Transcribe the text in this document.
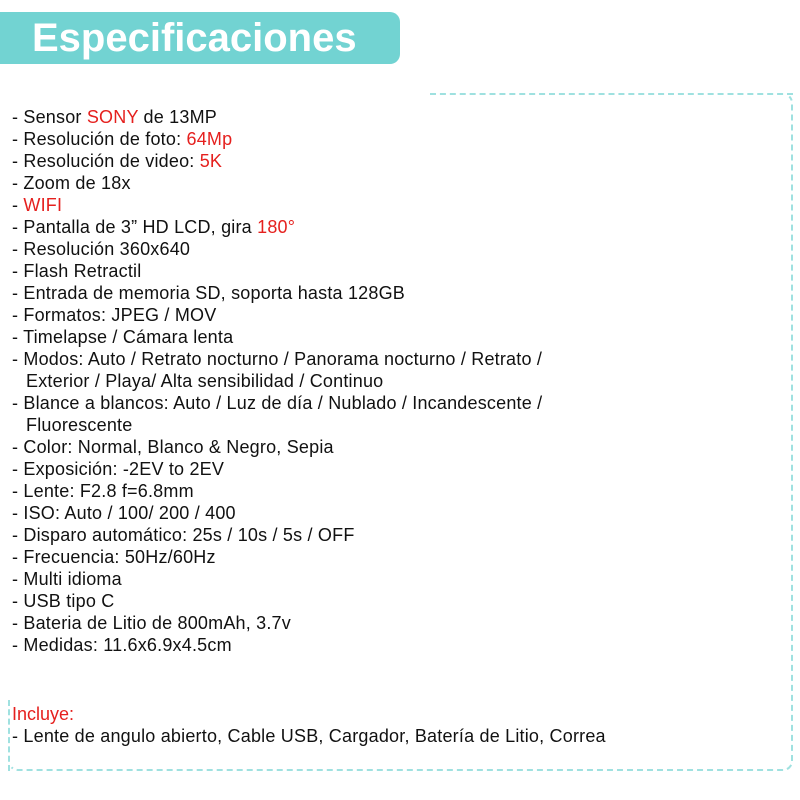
Especificaciones
- Sensor SONY de 13MP
- Resolución de foto: 64Mp
- Resolución de video: 5K
- Zoom de 18x
- WIFI
- Pantalla de 3” HD LCD, gira 180°
- Resolución 360x640
- Flash Retractil
- Entrada de memoria SD, soporta hasta 128GB
- Formatos: JPEG / MOV
- Timelapse / Cámara lenta
- Modos: Auto / Retrato nocturno / Panorama nocturno / Retrato /
Exterior / Playa/ Alta sensibilidad / Continuo
- Blance a blancos: Auto / Luz de día / Nublado / Incandescente /
Fluorescente
- Color: Normal, Blanco & Negro, Sepia
- Exposición: -2EV to 2EV
- Lente: F2.8 f=6.8mm
- ISO: Auto / 100/ 200 / 400
- Disparo automático: 25s / 10s / 5s / OFF
- Frecuencia: 50Hz/60Hz
- Multi idioma
- USB tipo C
- Bateria de Litio de 800mAh, 3.7v
- Medidas: 11.6x6.9x4.5cm
Incluye:
- Lente de angulo abierto, Cable USB, Cargador, Batería de Litio, Correa
